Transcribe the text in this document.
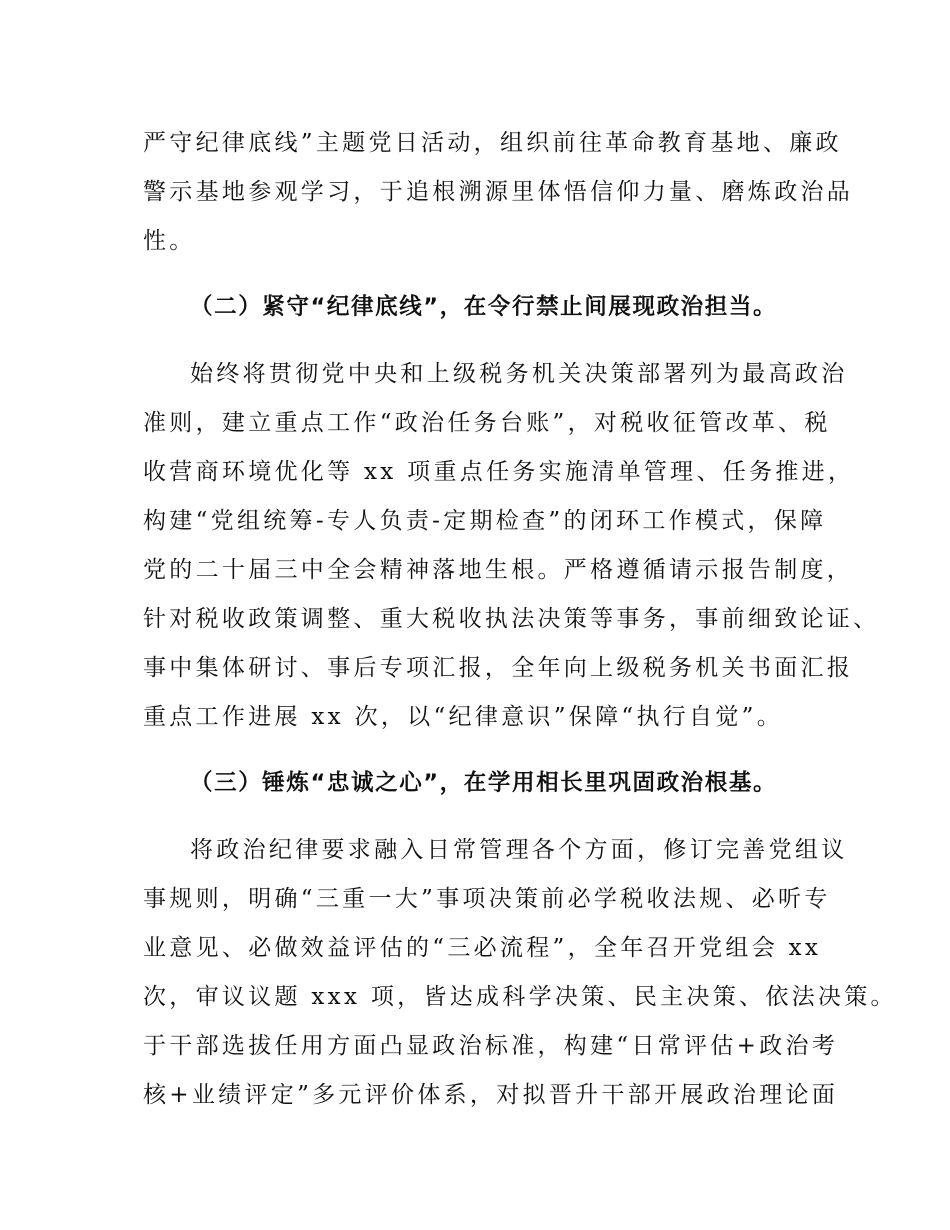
严守纪律底线”主题党日活动，组织前往革命教育基地、廉政
警示基地参观学习，于追根溯源里体悟信仰力量、磨炼政治品
性。
（二）紧守“纪律底线”，在令行禁止间展现政治担当。
始终将贯彻党中央和上级税务机关决策部署列为最高政治
准则，建立重点工作“政治任务台账”，对税收征管改革、税
收营商环境优化等 xx 项重点任务实施清单管理、任务推进，
构建“党组统筹-专人负责-定期检查”的闭环工作模式，保障
党的二十届三中全会精神落地生根。严格遵循请示报告制度，
针对税收政策调整、重大税收执法决策等事务，事前细致论证、
事中集体研讨、事后专项汇报，全年向上级税务机关书面汇报
重点工作进展 xx 次，以“纪律意识”保障“执行自觉”。
（三）锤炼“忠诚之心”，在学用相长里巩固政治根基。
将政治纪律要求融入日常管理各个方面，修订完善党组议
事规则，明确“三重一大”事项决策前必学税收法规、必听专
业意见、必做效益评估的“三必流程”，全年召开党组会 xx
次，审议议题 xxx 项，皆达成科学决策、民主决策、依法决策。
于干部选拔任用方面凸显政治标准，构建“日常评估+政治考
核+业绩评定”多元评价体系，对拟晋升干部开展政治理论面
